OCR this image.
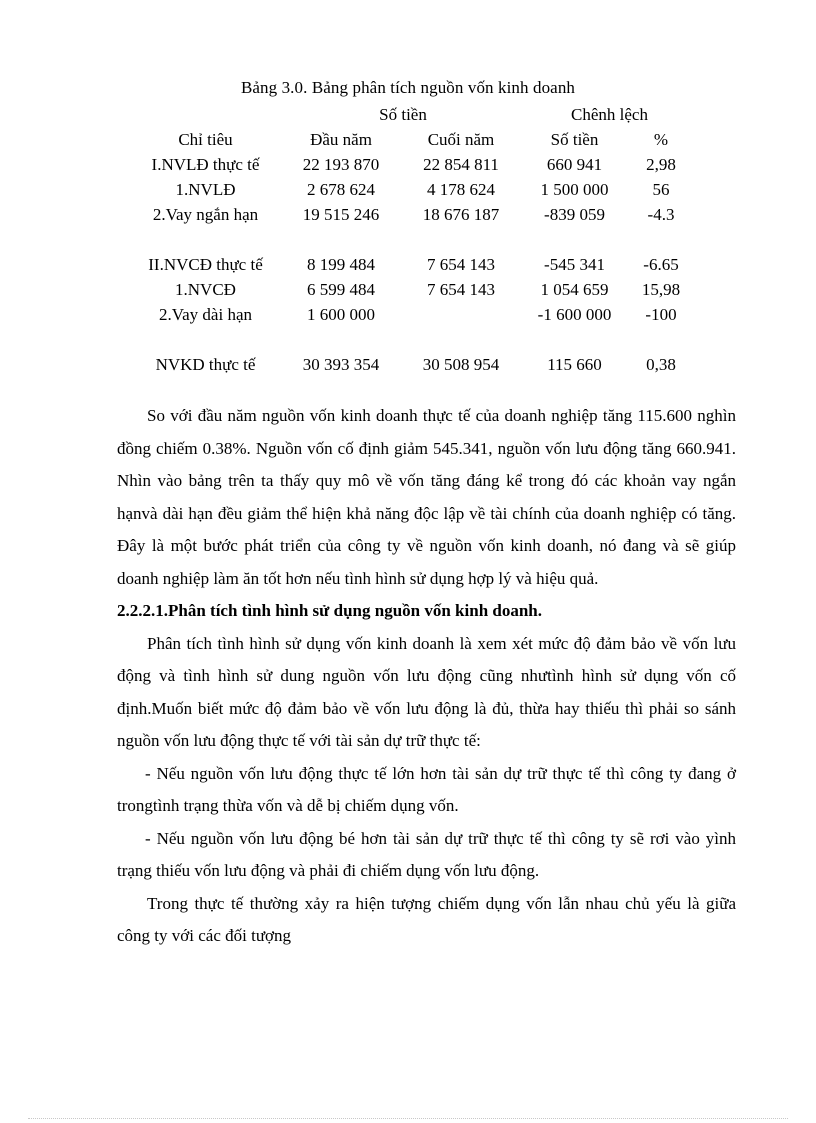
Bảng 3.0. Bảng phân tích nguồn vốn kinh doanh
	Số tiền		Chênh lệch	
Chỉ tiêu	Đầu năm	Cuối năm	Số tiền	%
I.NVLĐ thực tế	22 193 870	22 854 811	660 941	2,98
1.NVLĐ	2 678 624	4 178 624	1 500 000	56
2.Vay ngắn hạn	19 515 246	18 676 187	-839 059	-4.3

II.NVCĐ thực tế	8 199 484	7 654 143	-545 341	-6.65
1.NVCĐ	6 599 484	7 654 143	1 054 659	15,98
2.Vay dài hạn	1 600 000		-1 600 000	-100

NVKD thực tế	30 393 354	30 508 954	115 660	0,38

So với đầu năm nguồn vốn kinh doanh thực tế của doanh nghiệp tăng 115.600 nghìn đồng chiếm 0.38%. Nguồn vốn cố định giảm 545.341, nguồn vốn lưu động tăng 660.941. Nhìn vào bảng trên ta thấy quy mô về vốn tăng đáng kể trong đó các khoản vay ngắn hạnvà dài hạn đều giảm thể hiện khả năng độc lập về tài chính của doanh nghiệp có tăng. Đây là một bước phát triển của công ty về nguồn vốn kinh doanh, nó đang và sẽ giúp doanh nghiệp làm ăn tốt hơn nếu tình hình sử dụng hợp lý và hiệu quả.

2.2.2.1.Phân tích tình hình sử dụng nguồn vốn kinh doanh.

Phân tích tình hình sử dụng vốn kinh doanh là xem xét mức độ đảm bảo về vốn lưu động và tình hình sử dung nguồn vốn lưu động cũng nhưtình hình sử dụng vốn cố định.Muốn biết mức độ đảm bảo về vốn lưu động là đủ, thừa hay thiếu thì phải so sánh nguồn vốn lưu động thực tế với tài sản dự trữ thực tế:

- Nếu nguồn vốn lưu động thực tế lớn hơn tài sản dự trữ thực tế thì công ty đang ở trongtình trạng thừa vốn và dễ bị chiếm dụng vốn.

- Nếu nguồn vốn lưu động bé hơn tài sản dự trữ thực tế thì công ty sẽ rơi vào yình trạng thiếu vốn lưu động và phải đi chiếm dụng vốn lưu động.

Trong thực tế thường xảy ra hiện tượng chiếm dụng vốn lẫn nhau chủ yếu là giữa công ty với các đối tượng
